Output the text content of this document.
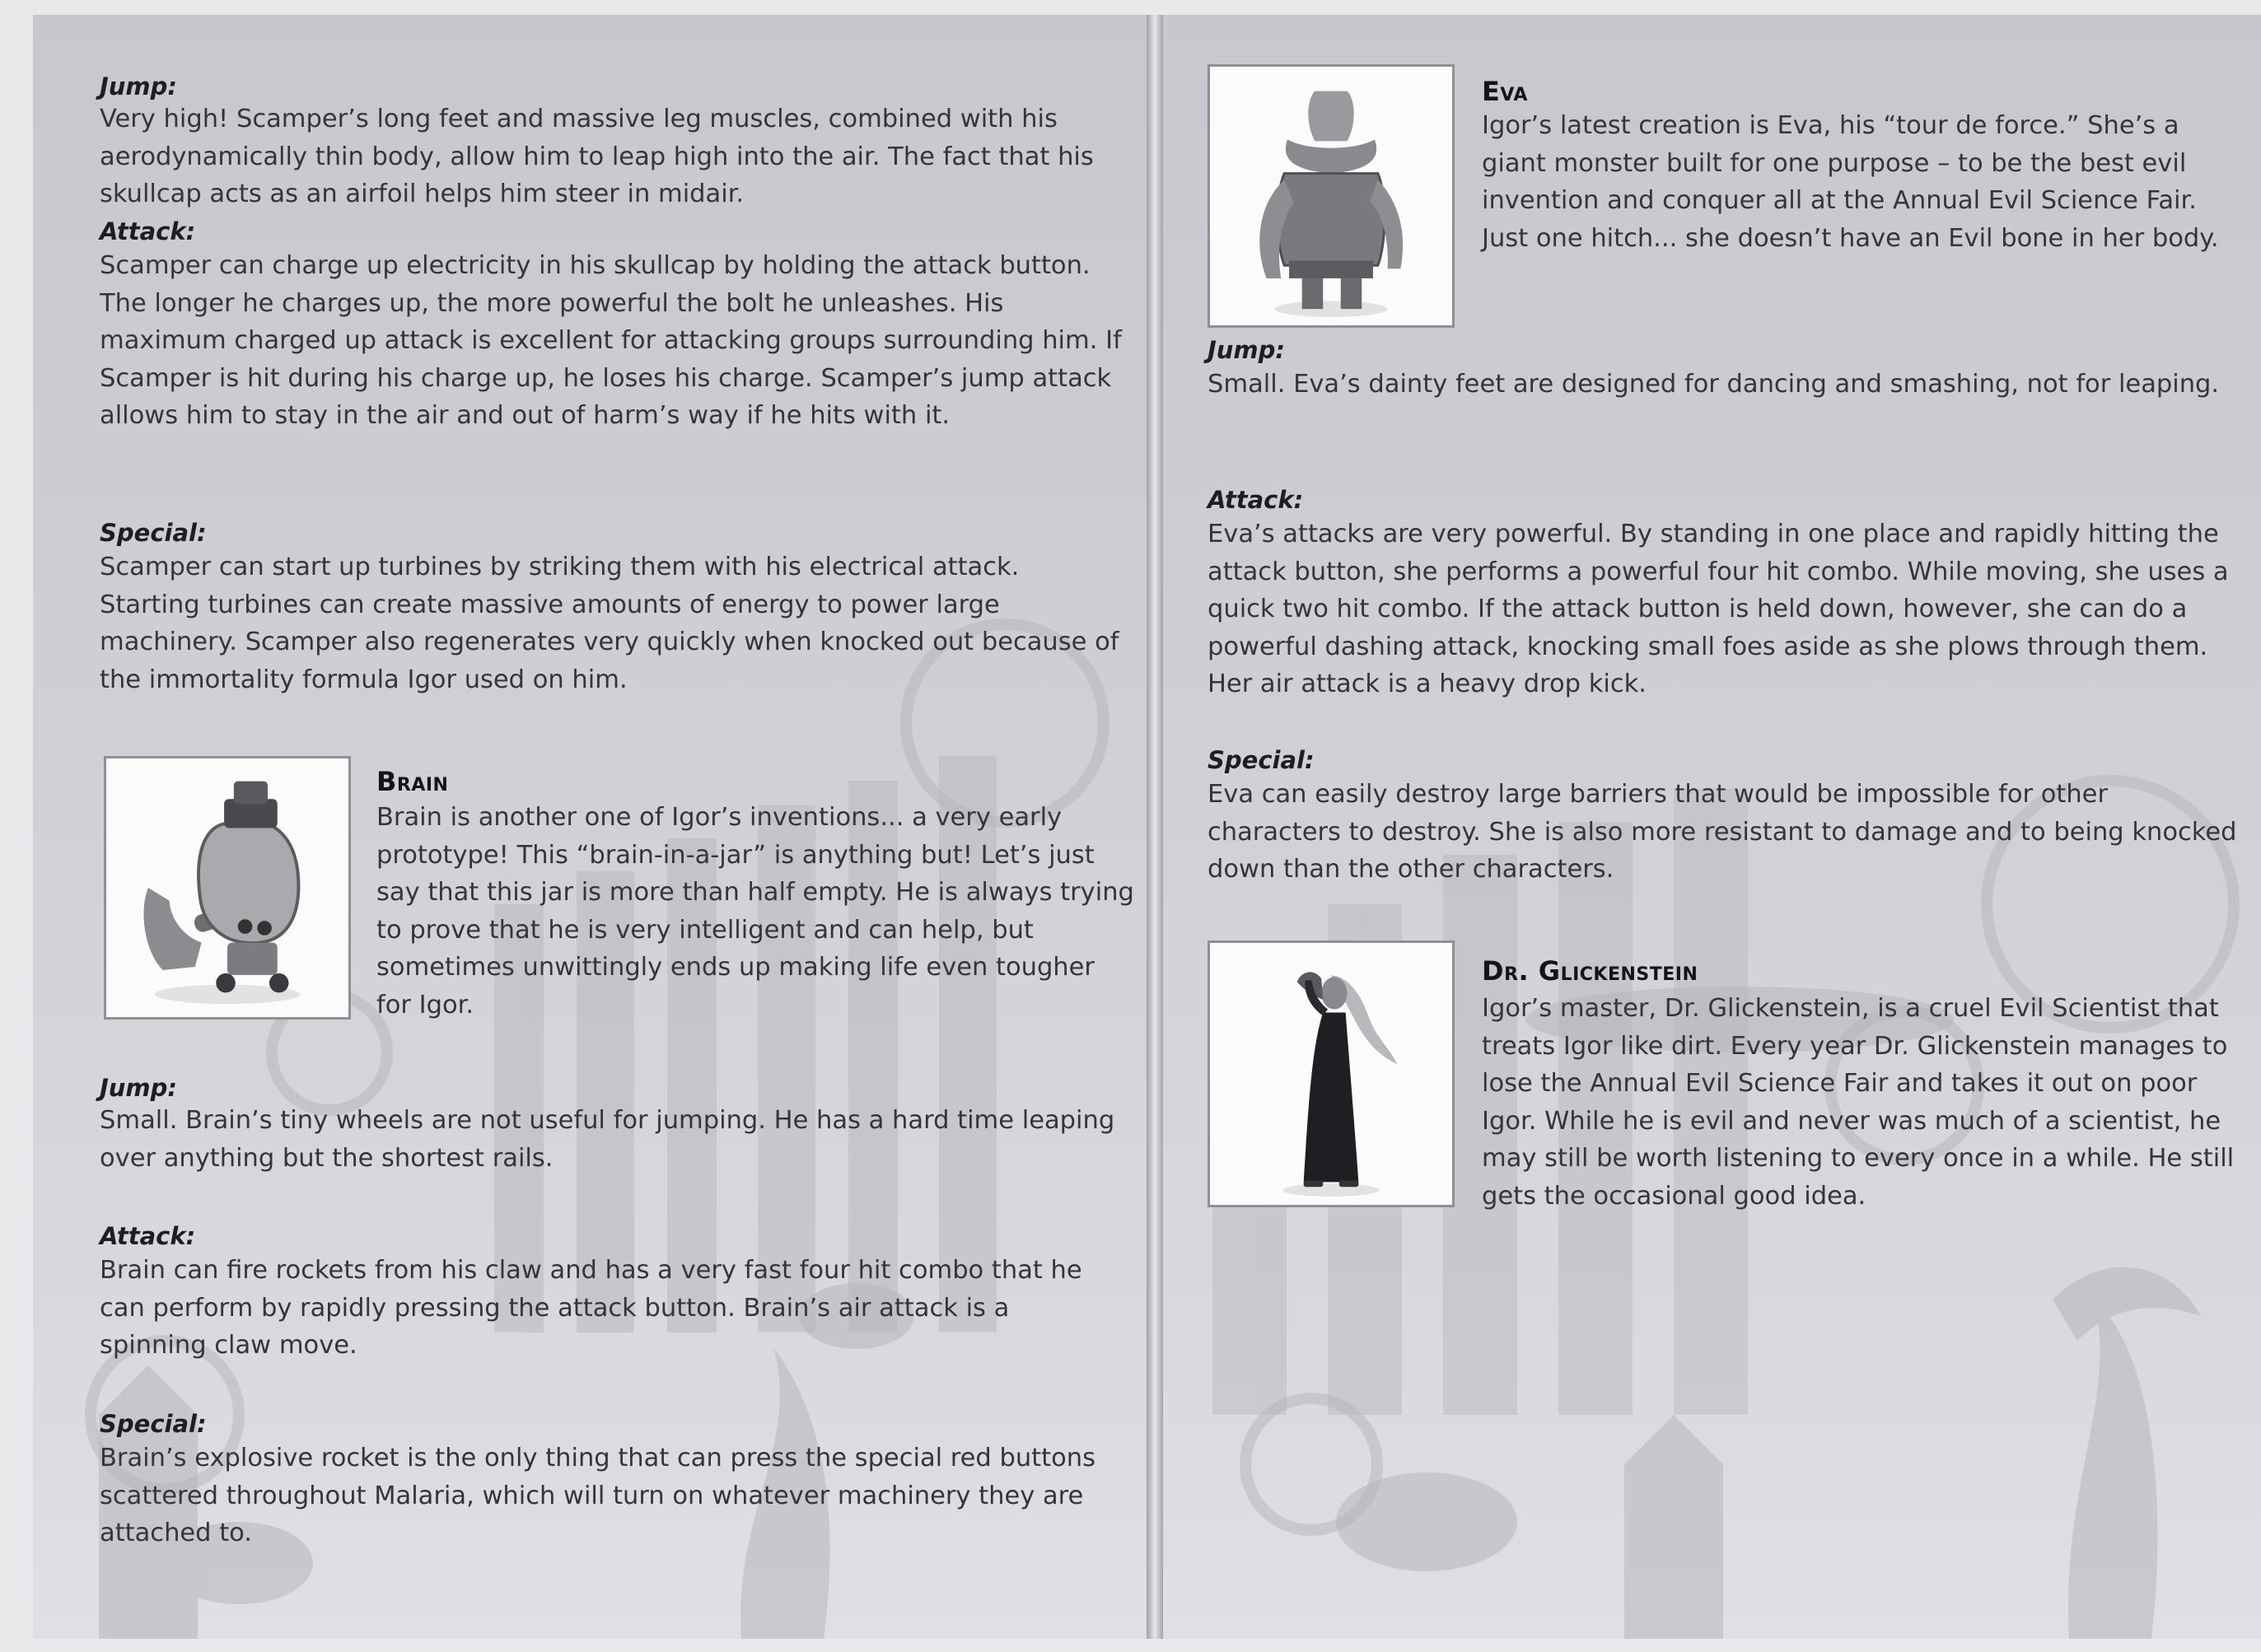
Jump:

Very high! Scamper’s long feet and massive leg muscles, combined with his aerodynamically thin body, allow him to leap high into the air. The fact that his skullcap acts as an airfoil helps him steer in midair.

Attack:

Scamper can charge up electricity in his skullcap by holding the attack button. The longer he charges up, the more powerful the bolt he unleashes. His maximum charged up attack is excellent for attacking groups surrounding him. If Scamper is hit during his charge up, he loses his charge. Scamper’s jump attack allows him to stay in the air and out of harm’s way if he hits with it.

Special:

Scamper can start up turbines by striking them with his electrical attack. Starting turbines can create massive amounts of energy to power large machinery. Scamper also regenerates very quickly when knocked out because of the immortality formula Igor used on him.

Brain

Brain is another one of Igor’s inventions... a very early prototype! This “brain-in-a-jar” is anything but! Let’s just say that this jar is more than half empty. He is always trying to prove that he is very intelligent and can help, but sometimes unwittingly ends up making life even tougher for Igor.

Jump:

Small. Brain’s tiny wheels are not useful for jumping. He has a hard time leaping over anything but the shortest rails.

Attack:

Brain can fire rockets from his claw and has a very fast four hit combo that he can perform by rapidly pressing the attack button. Brain’s air attack is a spinning claw move.

Special:

Brain’s explosive rocket is the only thing that can press the special red buttons scattered throughout Malaria, which will turn on whatever machinery they are attached to.

Eva

Igor’s latest creation is Eva, his “tour de force.” She’s a giant monster built for one purpose – to be the best evil invention and conquer all at the Annual Evil Science Fair. Just one hitch... she doesn’t have an Evil bone in her body.

Jump:

Small. Eva’s dainty feet are designed for dancing and smashing, not for leaping.

Attack:

Eva’s attacks are very powerful. By standing in one place and rapidly hitting the attack button, she performs a powerful four hit combo. While moving, she uses a quick two hit combo. If the attack button is held down, however, she can do a powerful dashing attack, knocking small foes aside as she plows through them. Her air attack is a heavy drop kick.

Special:

Eva can easily destroy large barriers that would be impossible for other characters to destroy. She is also more resistant to damage and to being knocked down than the other characters.

Dr. Glickenstein

Igor’s master, Dr. Glickenstein, is a cruel Evil Scientist that treats Igor like dirt. Every year Dr. Glickenstein manages to lose the Annual Evil Science Fair and takes it out on poor Igor. While he is evil and never was much of a scientist, he may still be worth listening to every once in a while. He still gets the occasional good idea.
